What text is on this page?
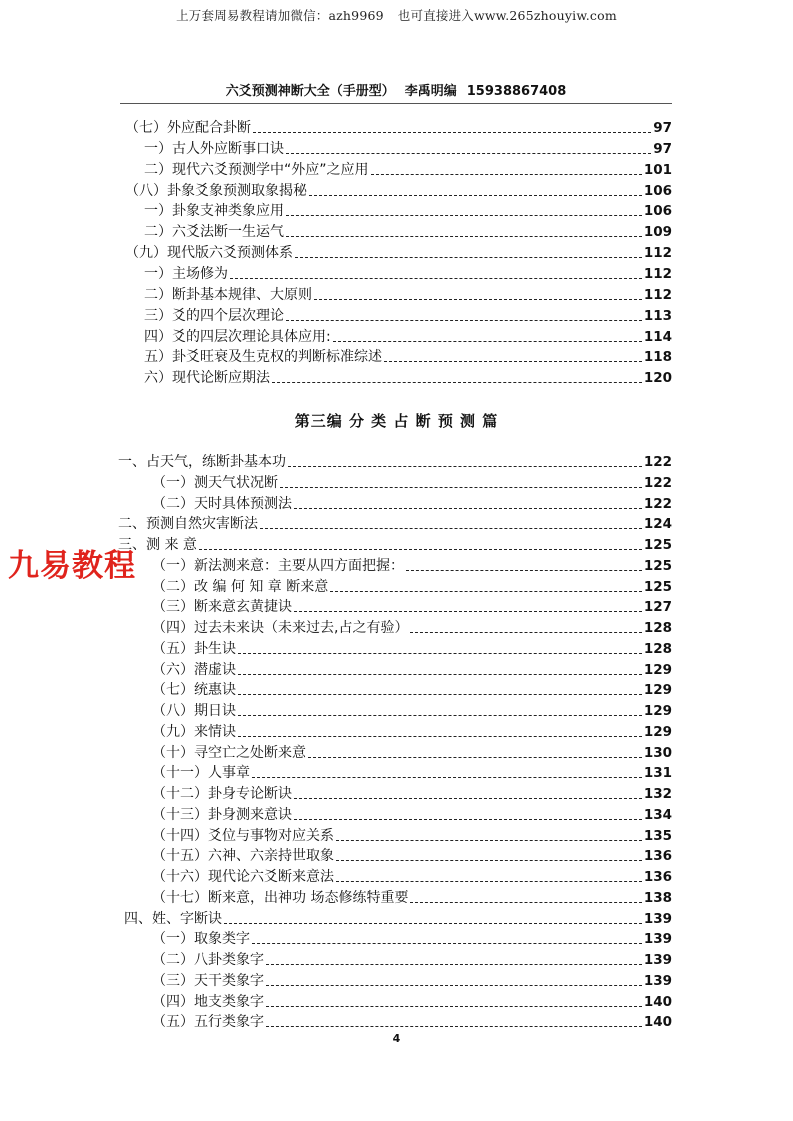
上万套周易教程请加微信：azh9969 也可直接进入www.265zhouyiw.com
六爻预测神断大全（手册型） 李禹明编 15938867408
（七）外应配合卦断	97
一）古人外应断事口诀	97
二）现代六爻预测学中“外应”之应用	101
（八）卦象爻象预测取象揭秘	106
一）卦象支神类象应用	106
二）六爻法断一生运气	109
（九）现代版六爻预测体系	112
一）主场修为	112
二）断卦基本规律、大原则	112
三）爻的四个层次理论	113
四）爻的四层次理论具体应用:	114
五）卦爻旺衰及生克权的判断标准综述	118
六）现代论断应期法	120
第三编 分 类 占 断 预 测 篇
一、占天气，练断卦基本功	122
（一）测天气状况断	122
（二）天时具体预测法	122
二、预测自然灾害断法	124
三、测 来 意	125
（一）新法测来意：主要从四方面把握：	125
（二）改 编 何 知 章 断来意	125
（三）断来意玄黄捷诀	127
（四）过去未来诀（未来过去,占之有验）	128
（五）卦生诀	128
（六）潜虚诀	129
（七）统惠诀	129
（八）期日诀	129
（九）来情诀	129
（十）寻空亡之处断来意	130
（十一）人事章	131
（十二）卦身专论断诀	132
（十三）卦身测来意诀	134
（十四）爻位与事物对应关系	135
（十五）六神、六亲持世取象	136
（十六）现代论六爻断来意法	136
（十七）断来意，出神功 场态修练特重要	138
四、姓、字断诀	139
（一）取象类字	139
（二）八卦类象字	139
（三）天干类象字	139
（四）地支类象字	140
（五）五行类象字	140
九易教程
4
